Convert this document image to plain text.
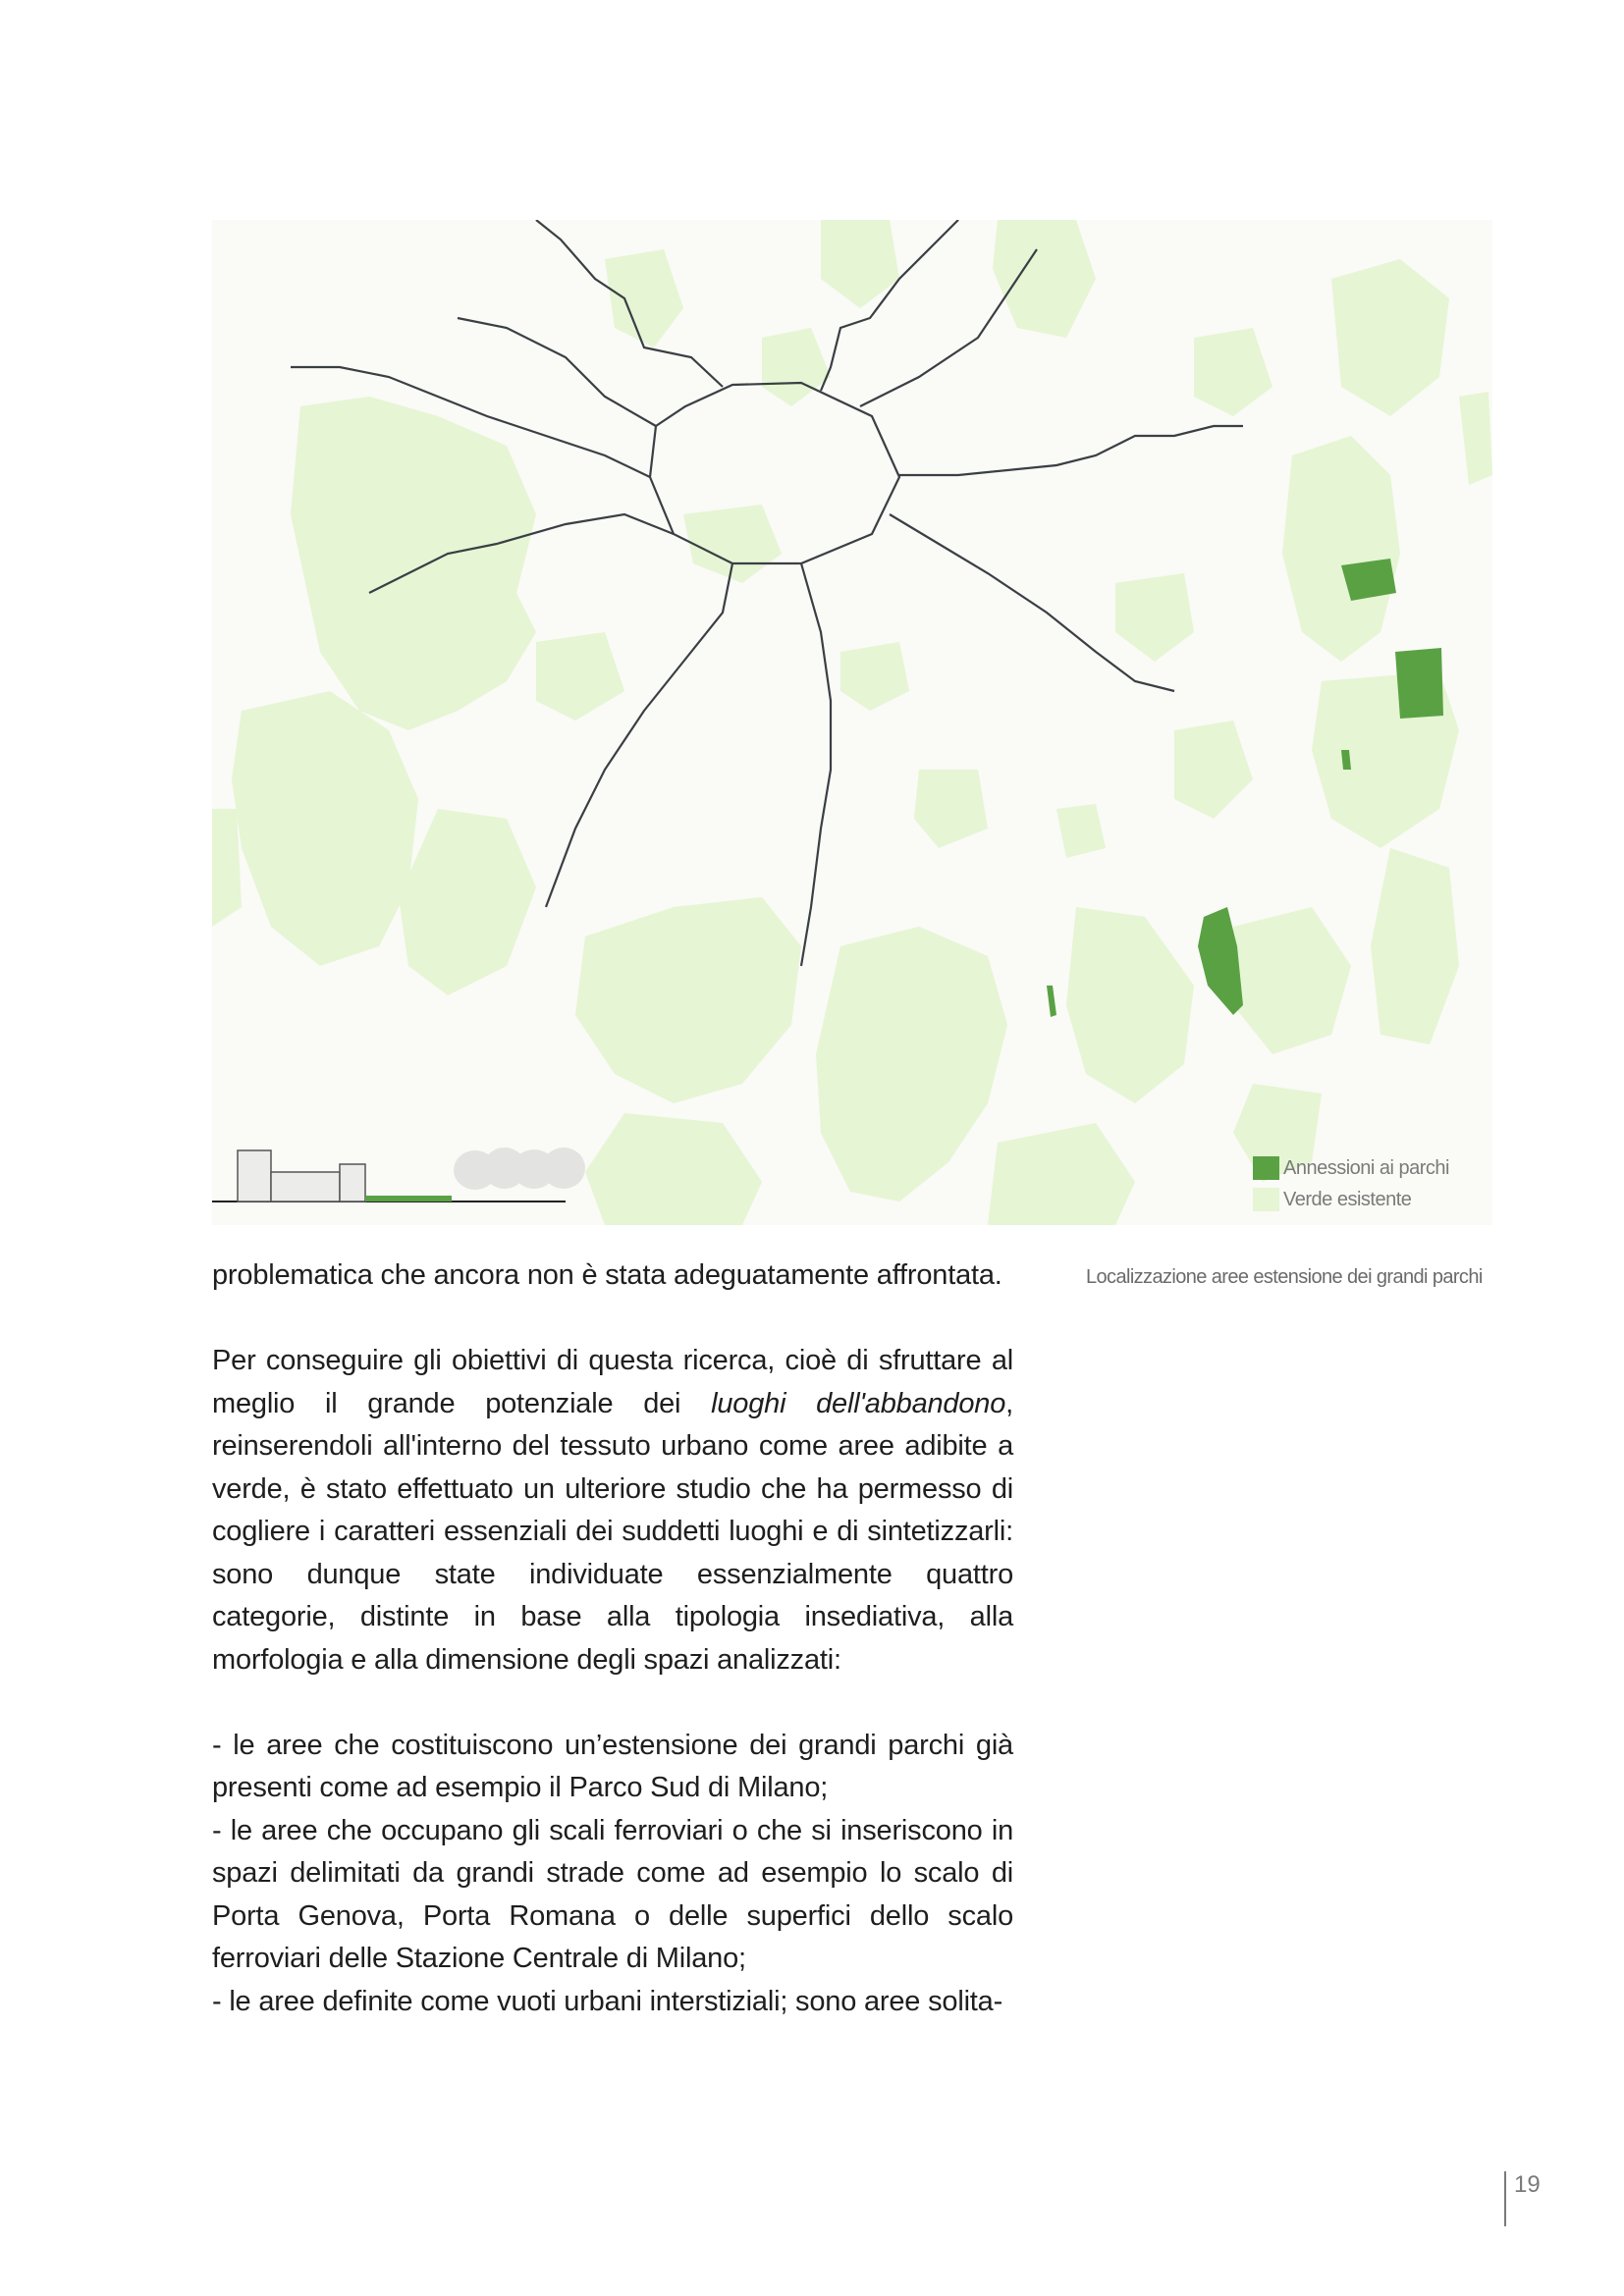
Annessioni ai parchi
Verde esistente
Localizzazione aree estensione dei grandi parchi

problematica che ancora non è stata adeguatamente affrontata.

Per conseguire gli obiettivi di questa ricerca, cioè di sfruttare al meglio il grande potenziale dei luoghi dell'abbandono, reinserendoli all'interno del tessuto urbano come aree adibite a verde, è stato effettuato un ulteriore studio che ha permesso di cogliere i caratteri essenziali dei suddetti luoghi e di sintetizzarli: sono dunque state individuate essenzialmente quattro categorie, distinte in base alla tipologia insediativa, alla morfologia e alla dimensione degli spazi analizzati:

- le aree che costituiscono un’estensione dei grandi parchi già presenti come ad esempio il Parco Sud di Milano;

- le aree che occupano gli scali ferroviari o che si inseriscono in spazi delimitati da grandi strade come ad esempio lo scalo di Porta Genova, Porta Romana o delle superfici dello scalo ferroviari delle Stazione Centrale di Milano;

- le aree definite come vuoti urbani interstiziali; sono aree solita-

19
